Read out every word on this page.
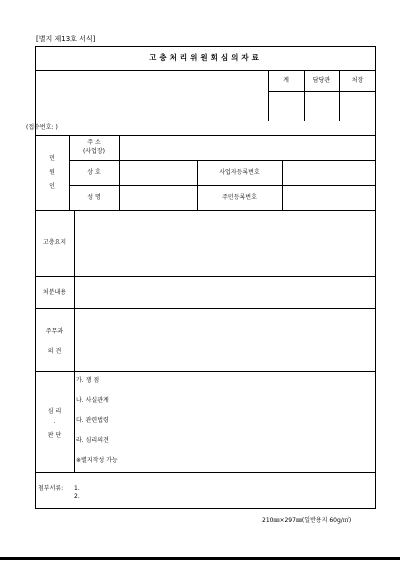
[별지 제13호 서식]
고충처리위원회심의자료
계	담당관	처장
(접수번호: )
민
원
인
주 소
(사업장)
상 호
성 명
사업자등록번호
주민등록번호
고충요지
처분내용
주무과
의 견
심 리
·
판 단
가. 쟁 점
나. 사실관계
다. 관련법령
라. 심리의견
※별지작성 가능
첨부서류: 1.
2.
210㎜×297㎜(일반용지 60g/㎡)
